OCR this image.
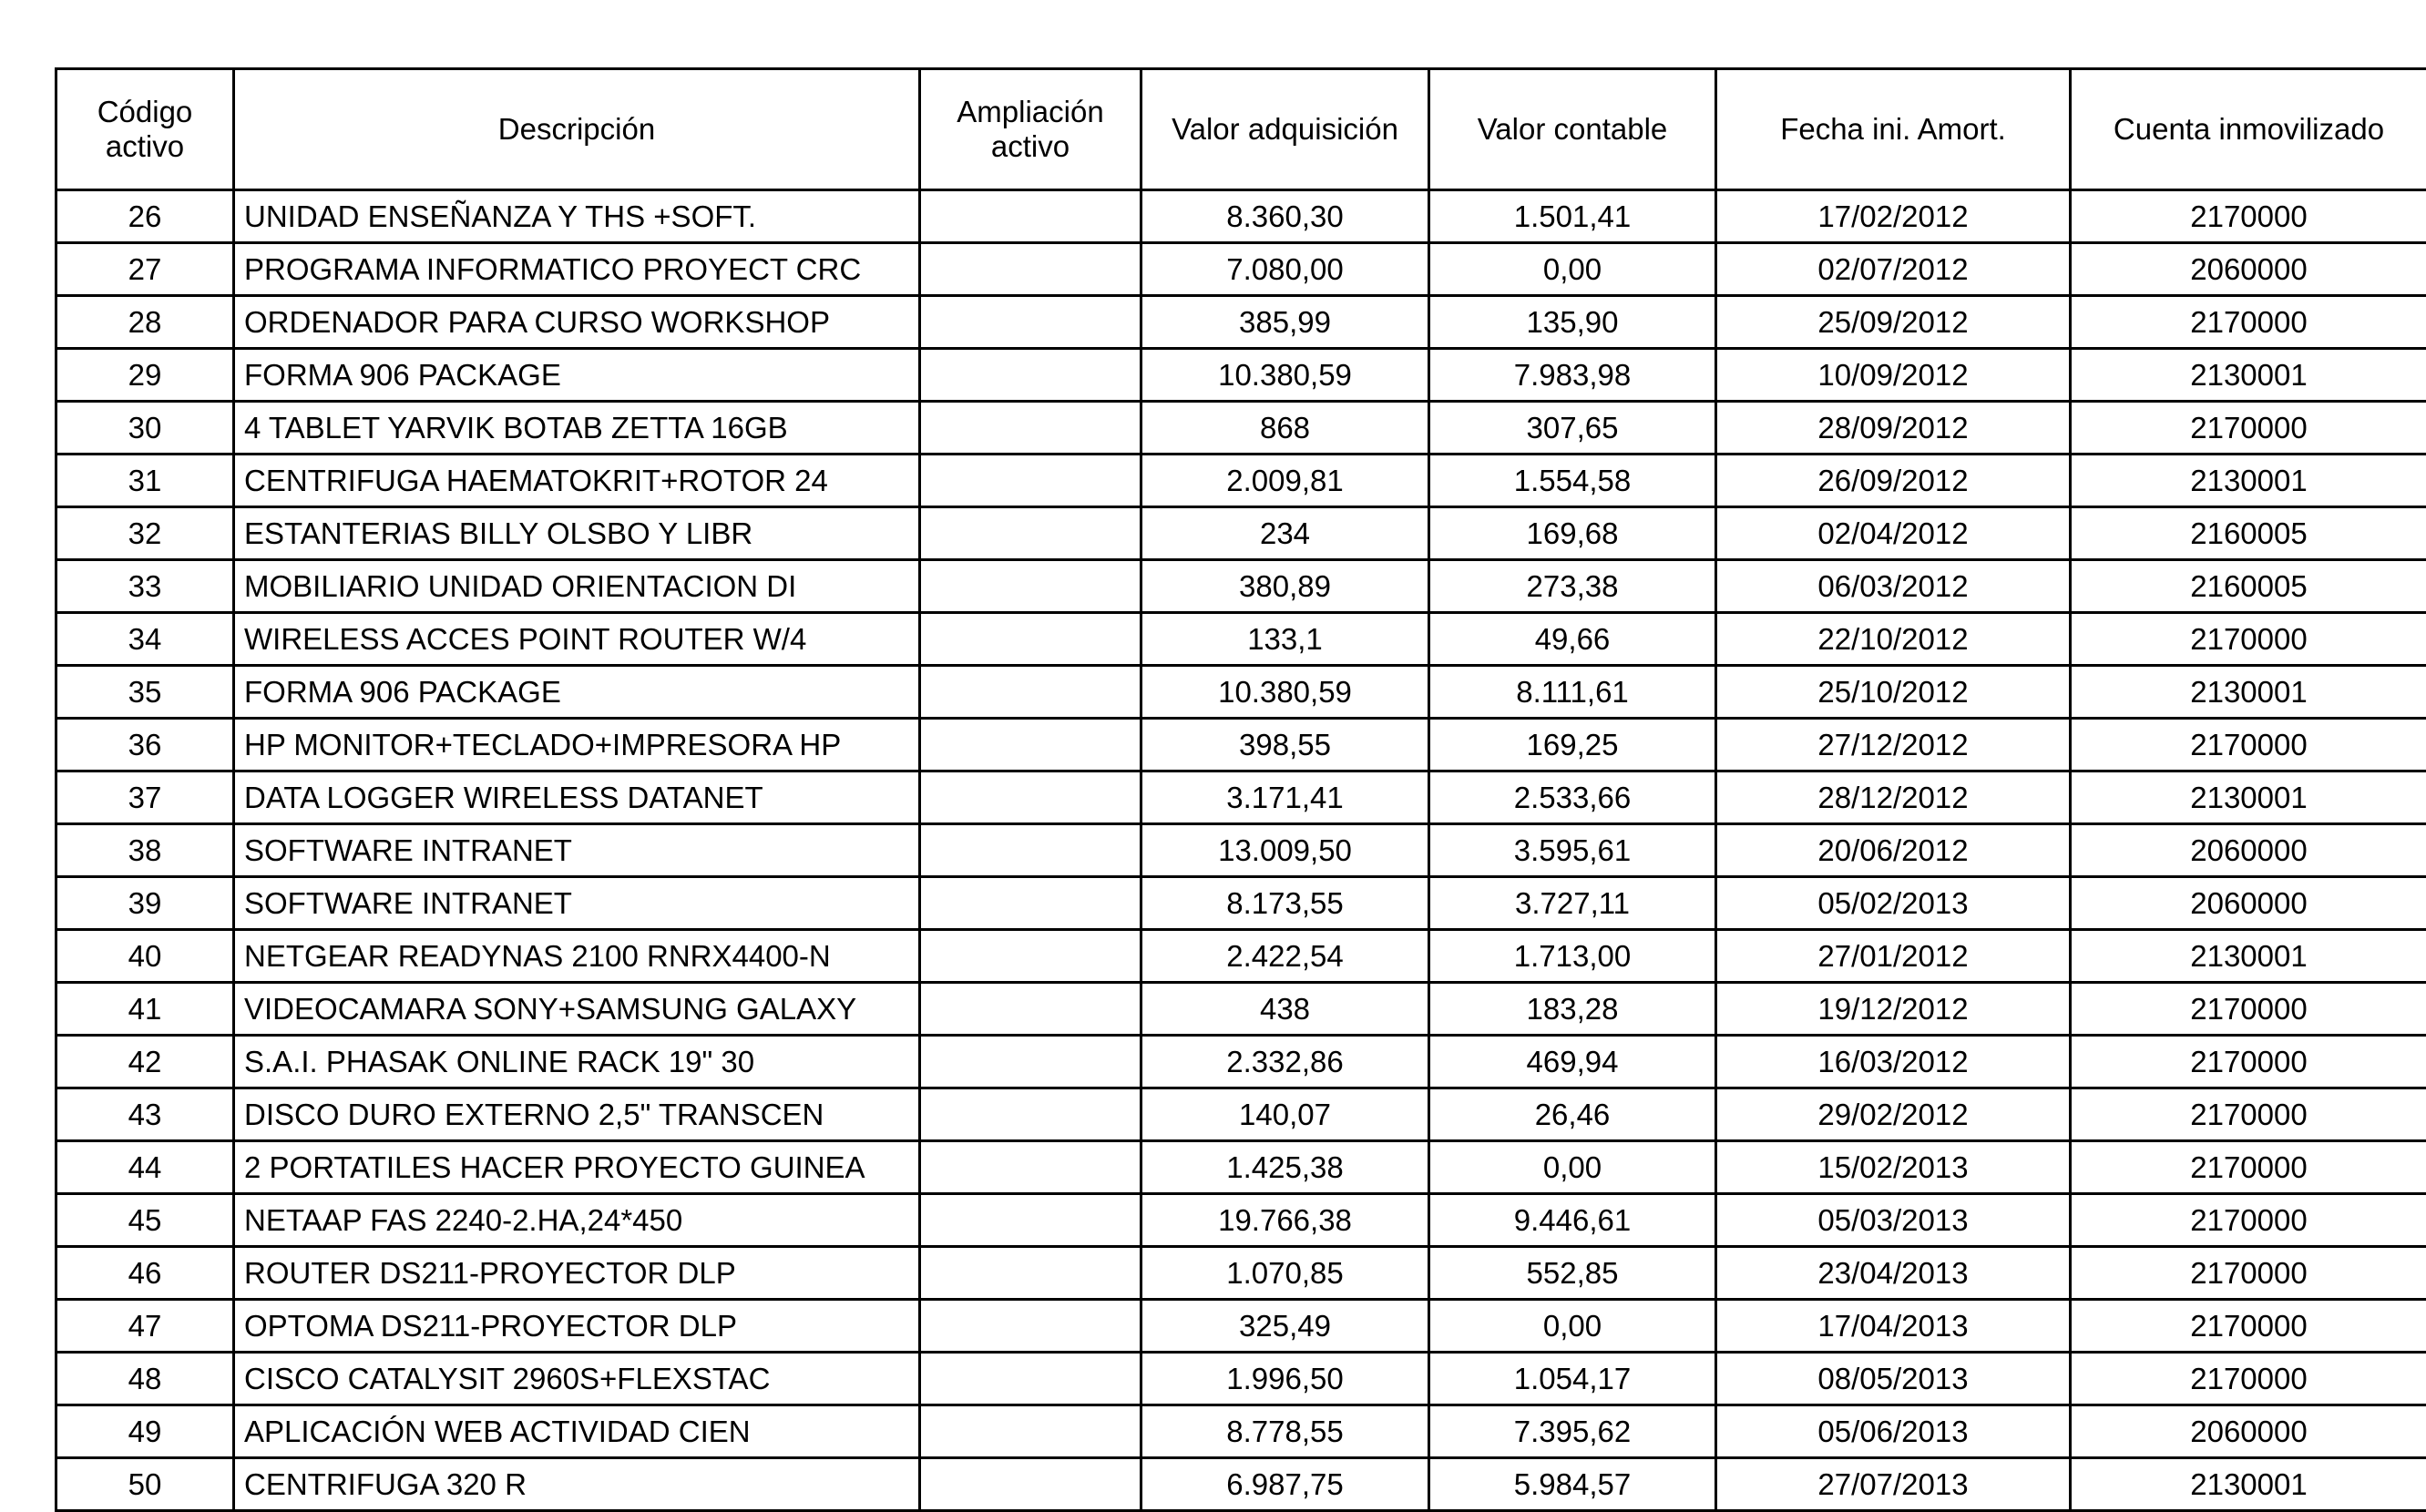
Código activo	Descripción	Ampliación activo	Valor adquisición	Valor contable	Fecha ini. Amort.	Cuenta inmovilizado
26	UNIDAD ENSEÑANZA Y THS +SOFT.		8.360,30	1.501,41	17/02/2012	2170000
27	PROGRAMA INFORMATICO PROYECT CRC		7.080,00	0,00	02/07/2012	2060000
28	ORDENADOR PARA CURSO WORKSHOP		385,99	135,90	25/09/2012	2170000
29	FORMA 906 PACKAGE		10.380,59	7.983,98	10/09/2012	2130001
30	4 TABLET YARVIK BOTAB ZETTA 16GB		868	307,65	28/09/2012	2170000
31	CENTRIFUGA HAEMATOKRIT+ROTOR 24		2.009,81	1.554,58	26/09/2012	2130001
32	ESTANTERIAS BILLY OLSBO Y LIBR		234	169,68	02/04/2012	2160005
33	MOBILIARIO UNIDAD ORIENTACION DI		380,89	273,38	06/03/2012	2160005
34	WIRELESS ACCES POINT ROUTER W/4		133,1	49,66	22/10/2012	2170000
35	FORMA 906 PACKAGE		10.380,59	8.111,61	25/10/2012	2130001
36	HP MONITOR+TECLADO+IMPRESORA HP		398,55	169,25	27/12/2012	2170000
37	DATA LOGGER WIRELESS DATANET		3.171,41	2.533,66	28/12/2012	2130001
38	SOFTWARE INTRANET		13.009,50	3.595,61	20/06/2012	2060000
39	SOFTWARE INTRANET		8.173,55	3.727,11	05/02/2013	2060000
40	NETGEAR READYNAS 2100 RNRX4400-N		2.422,54	1.713,00	27/01/2012	2130001
41	VIDEOCAMARA SONY+SAMSUNG GALAXY		438	183,28	19/12/2012	2170000
42	S.A.I. PHASAK ONLINE RACK 19" 30		2.332,86	469,94	16/03/2012	2170000
43	DISCO DURO EXTERNO 2,5" TRANSCEN		140,07	26,46	29/02/2012	2170000
44	2 PORTATILES HACER PROYECTO GUINEA		1.425,38	0,00	15/02/2013	2170000
45	NETAAP FAS 2240-2.HA,24*450		19.766,38	9.446,61	05/03/2013	2170000
46	ROUTER DS211-PROYECTOR DLP		1.070,85	552,85	23/04/2013	2170000
47	OPTOMA DS211-PROYECTOR DLP		325,49	0,00	17/04/2013	2170000
48	CISCO CATALYSIT 2960S+FLEXSTAC		1.996,50	1.054,17	08/05/2013	2170000
49	APLICACIÓN WEB ACTIVIDAD CIEN		8.778,55	7.395,62	05/06/2013	2060000
50	CENTRIFUGA 320 R		6.987,75	5.984,57	27/07/2013	2130001
